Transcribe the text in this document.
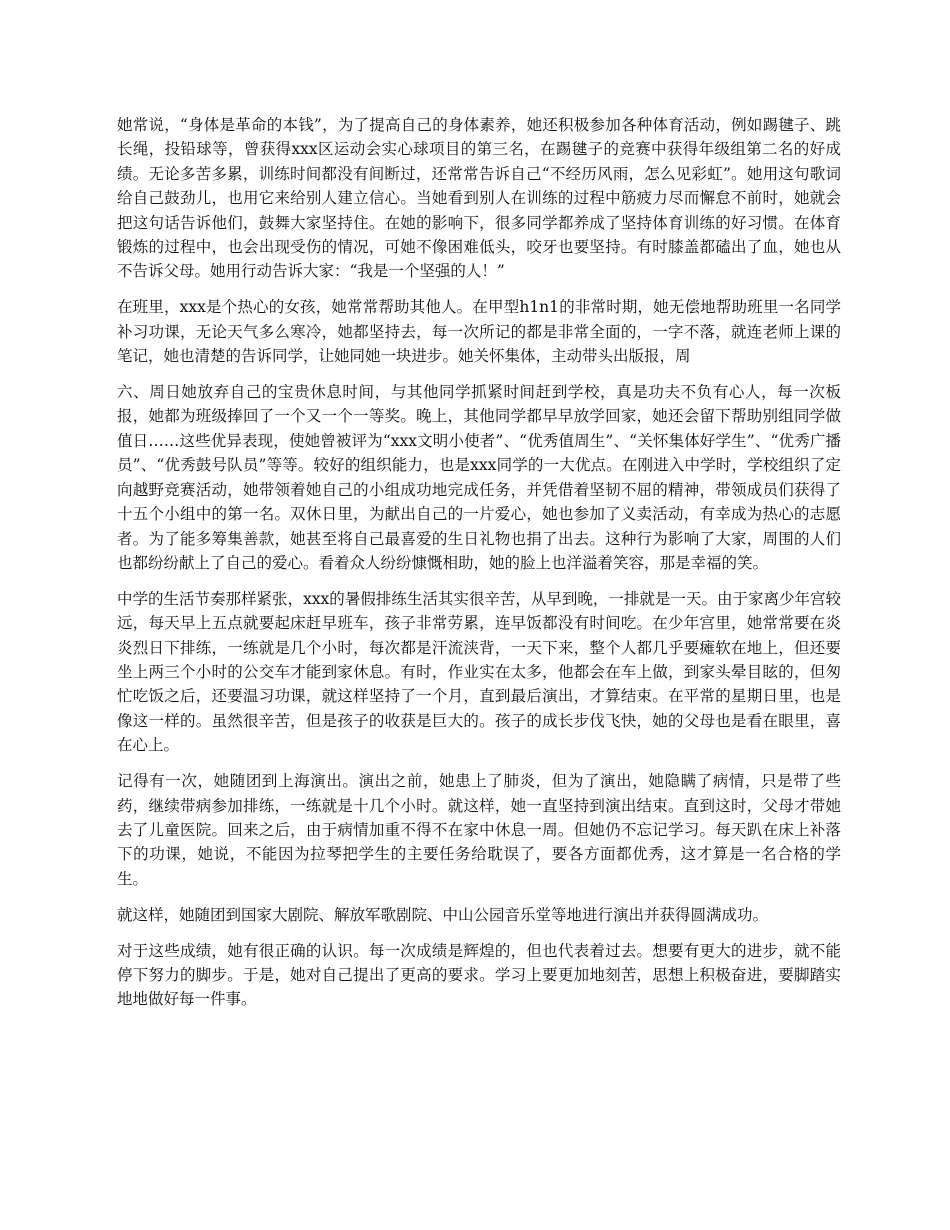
她常说，“身体是革命的本钱”，为了提高自己的身体素养，她还积极参加各种体育活动，例如踢毽子、跳长绳，投铅球等，曾获得xxx区运动会实心球项目的第三名，在踢毽子的竞赛中获得年级组第二名的好成绩。无论多苦多累，训练时间都没有间断过，还常常告诉自己“不经历风雨，怎么见彩虹”。她用这句歌词给自己鼓劲儿，也用它来给别人建立信心。当她看到别人在训练的过程中筋疲力尽而懈怠不前时，她就会把这句话告诉他们，鼓舞大家坚持住。在她的影响下，很多同学都养成了坚持体育训练的好习惯。在体育锻炼的过程中，也会出现受伤的情况，可她不像困难低头，咬牙也要坚持。有时膝盖都磕出了血，她也从不告诉父母。她用行动告诉大家：“我是一个坚强的人！”

在班里，xxx是个热心的女孩，她常常帮助其他人。在甲型h1n1的非常时期，她无偿地帮助班里一名同学补习功课，无论天气多么寒冷，她都坚持去，每一次所记的都是非常全面的，一字不落，就连老师上课的笔记，她也清楚的告诉同学，让她同她一块进步。她关怀集体，主动带头出版报，周

六、周日她放弃自己的宝贵休息时间，与其他同学抓紧时间赶到学校，真是功夫不负有心人，每一次板报，她都为班级捧回了一个又一个一等奖。晚上，其他同学都早早放学回家，她还会留下帮助别组同学做值日……这些优异表现，使她曾被评为“xxx文明小使者”、“优秀值周生”、“关怀集体好学生”、“优秀广播员”、“优秀鼓号队员”等等。较好的组织能力，也是xxx同学的一大优点。在刚进入中学时，学校组织了定向越野竞赛活动，她带领着她自己的小组成功地完成任务，并凭借着坚韧不屈的精神，带领成员们获得了十五个小组中的第一名。双休日里，为献出自己的一片爱心，她也参加了义卖活动，有幸成为热心的志愿者。为了能多筹集善款，她甚至将自己最喜爱的生日礼物也捐了出去。这种行为影响了大家，周围的人们也都纷纷献上了自己的爱心。看着众人纷纷慷慨相助，她的脸上也洋溢着笑容，那是幸福的笑。

中学的生活节奏那样紧张，xxx的暑假排练生活其实很辛苦，从早到晚，一排就是一天。由于家离少年宫较远，每天早上五点就要起床赶早班车，孩子非常劳累，连早饭都没有时间吃。在少年宫里，她常常要在炎炎烈日下排练，一练就是几个小时，每次都是汗流浃背，一天下来，整个人都几乎要瘫软在地上，但还要坐上两三个小时的公交车才能到家休息。有时，作业实在太多，他都会在车上做，到家头晕目眩的，但匆忙吃饭之后，还要温习功课，就这样坚持了一个月，直到最后演出，才算结束。在平常的星期日里，也是像这一样的。虽然很辛苦，但是孩子的收获是巨大的。孩子的成长步伐飞快，她的父母也是看在眼里，喜在心上。

记得有一次，她随团到上海演出。演出之前，她患上了肺炎，但为了演出，她隐瞒了病情，只是带了些药，继续带病参加排练，一练就是十几个小时。就这样，她一直坚持到演出结束。直到这时，父母才带她去了儿童医院。回来之后，由于病情加重不得不在家中休息一周。但她仍不忘记学习。每天趴在床上补落下的功课，她说，不能因为拉琴把学生的主要任务给耽误了，要各方面都优秀，这才算是一名合格的学生。

就这样，她随团到国家大剧院、解放军歌剧院、中山公园音乐堂等地进行演出并获得圆满成功。

对于这些成绩，她有很正确的认识。每一次成绩是辉煌的，但也代表着过去。想要有更大的进步，就不能停下努力的脚步。于是，她对自己提出了更高的要求。学习上要更加地刻苦，思想上积极奋进，要脚踏实地地做好每一件事。
